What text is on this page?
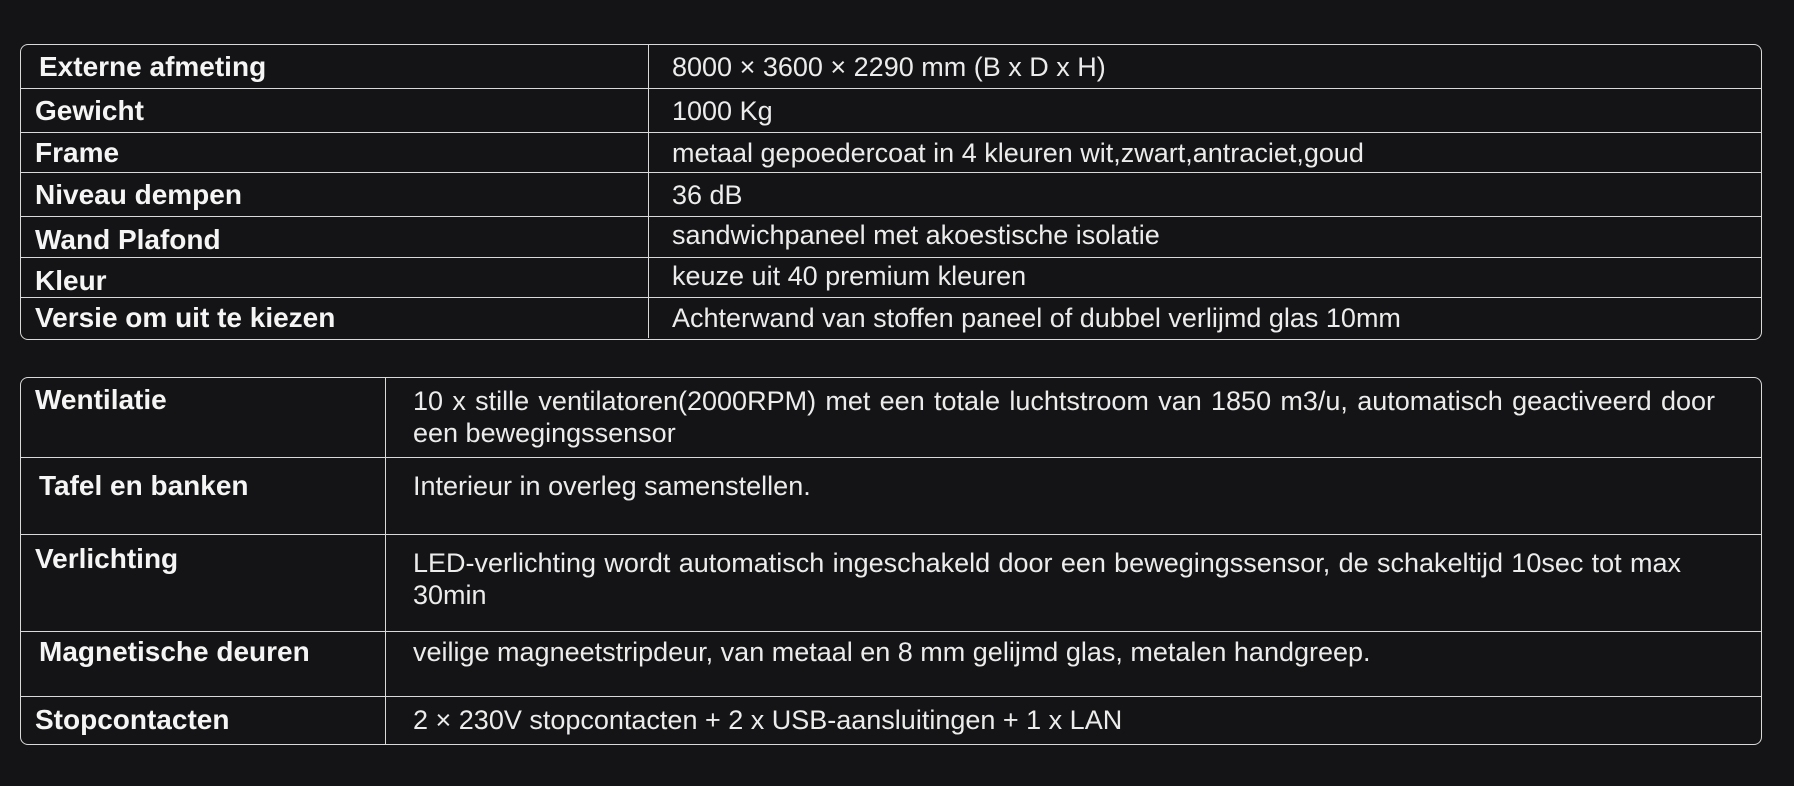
Externe afmeting	8000 × 3600 × 2290 mm (B x D x H)
Gewicht	1000 Kg
Frame	metaal gepoedercoat in 4 kleuren wit,zwart,antraciet,goud
Niveau dempen	36 dB
Wand Plafond	sandwichpaneel met akoestische isolatie
Kleur	keuze uit 40 premium kleuren
Versie om uit te kiezen	Achterwand van stoffen paneel of dubbel verlijmd glas 10mm
Wentilatie	10 x stille ventilatoren(2000RPM) met een totale luchtstroom van 1850 m3/u, automatisch geactiveerd door een bewegingssensor
Tafel en banken	Interieur in overleg samenstellen.
Verlichting	LED-verlichting wordt automatisch ingeschakeld door een bewegingssensor, de schakeltijd 10sec tot max 30min
Magnetische deuren	veilige magneetstripdeur, van metaal en 8 mm gelijmd glas, metalen handgreep.
Stopcontacten	2 × 230V stopcontacten + 2 x USB-aansluitingen + 1 x LAN
